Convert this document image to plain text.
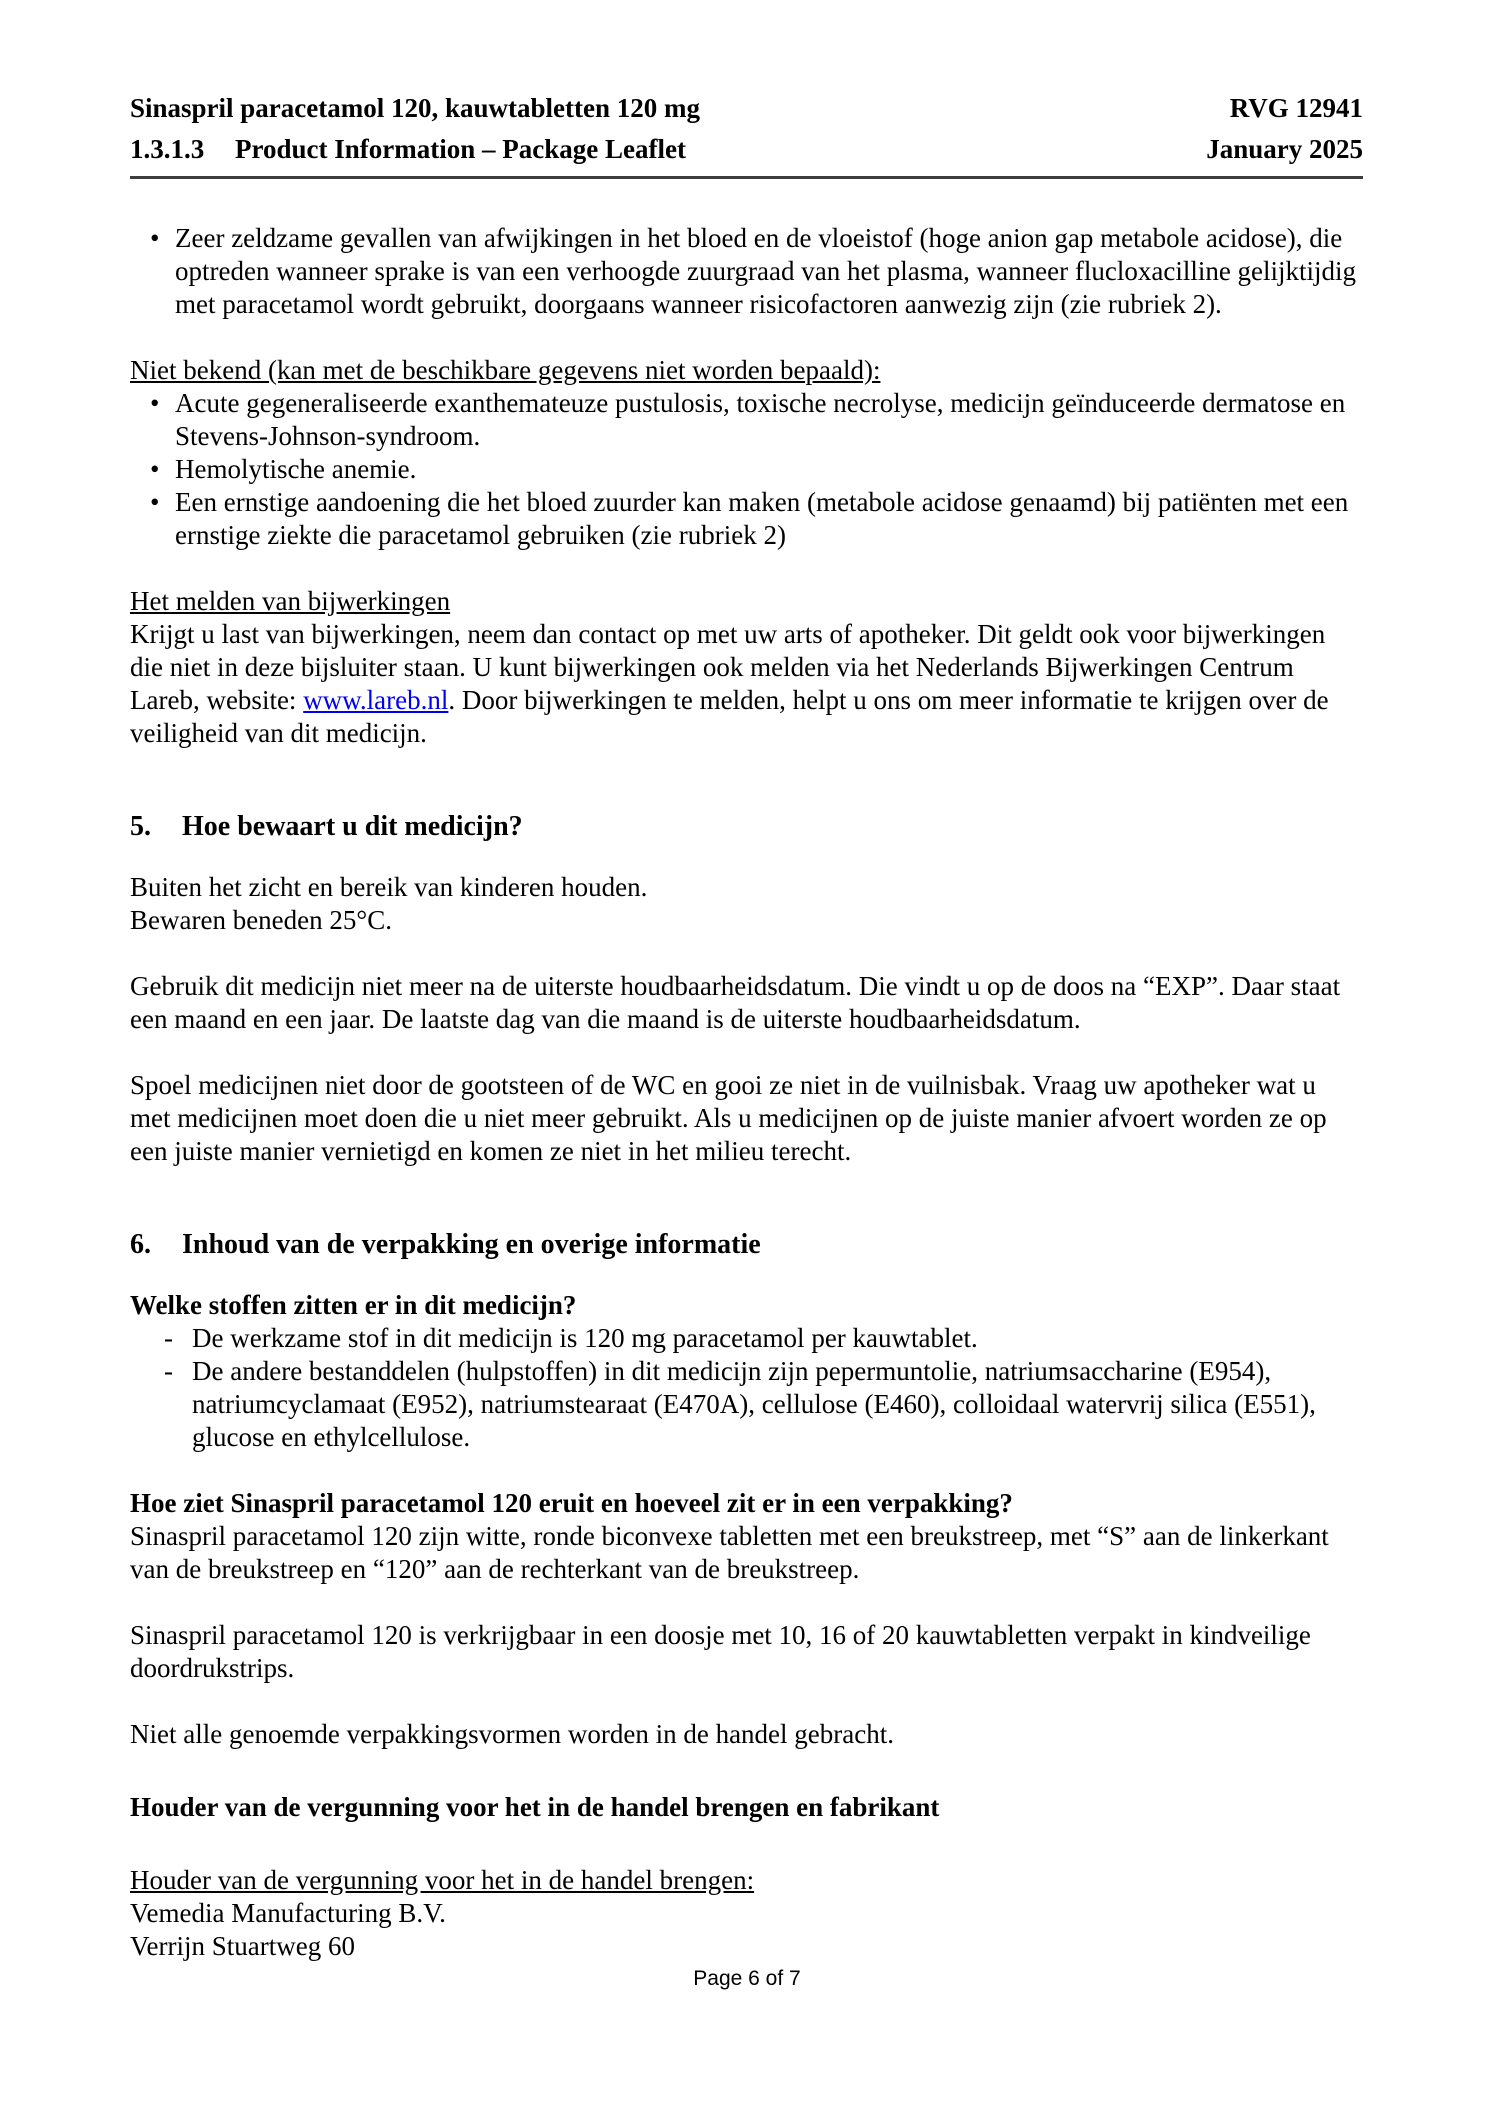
Sinaspril paracetamol 120, kauwtabletten 120 mg	RVG 12941
1.3.1.3	Product Information – Package Leaflet	January 2025
• Zeer zeldzame gevallen van afwijkingen in het bloed en de vloeistof (hoge anion gap metabole acidose), die optreden wanneer sprake is van een verhoogde zuurgraad van het plasma, wanneer flucloxacilline gelijktijdig met paracetamol wordt gebruikt, doorgaans wanneer risicofactoren aanwezig zijn (zie rubriek 2).
Niet bekend (kan met de beschikbare gegevens niet worden bepaald):
• Acute gegeneraliseerde exanthemateuze pustulosis, toxische necrolyse, medicijn geïnduceerde dermatose en Stevens-Johnson-syndroom.
• Hemolytische anemie.
• Een ernstige aandoening die het bloed zuurder kan maken (metabole acidose genaamd) bij patiënten met een ernstige ziekte die paracetamol gebruiken (zie rubriek 2)
Het melden van bijwerkingen
Krijgt u last van bijwerkingen, neem dan contact op met uw arts of apotheker. Dit geldt ook voor bijwerkingen die niet in deze bijsluiter staan. U kunt bijwerkingen ook melden via het Nederlands Bijwerkingen Centrum Lareb, website: www.lareb.nl. Door bijwerkingen te melden, helpt u ons om meer informatie te krijgen over de veiligheid van dit medicijn.
5.	Hoe bewaart u dit medicijn?
Buiten het zicht en bereik van kinderen houden.
Bewaren beneden 25°C.
Gebruik dit medicijn niet meer na de uiterste houdbaarheidsdatum. Die vindt u op de doos na “EXP”. Daar staat een maand en een jaar. De laatste dag van die maand is de uiterste houdbaarheidsdatum.
Spoel medicijnen niet door de gootsteen of de WC en gooi ze niet in de vuilnisbak. Vraag uw apotheker wat u met medicijnen moet doen die u niet meer gebruikt. Als u medicijnen op de juiste manier afvoert worden ze op een juiste manier vernietigd en komen ze niet in het milieu terecht.
6.	Inhoud van de verpakking en overige informatie
Welke stoffen zitten er in dit medicijn?
- De werkzame stof in dit medicijn is 120 mg paracetamol per kauwtablet.
- De andere bestanddelen (hulpstoffen) in dit medicijn zijn pepermuntolie, natriumsaccharine (E954), natriumcyclamaat (E952), natriumstearaat (E470A), cellulose (E460), colloidaal watervrij silica (E551), glucose en ethylcellulose.
Hoe ziet Sinaspril paracetamol 120 eruit en hoeveel zit er in een verpakking?
Sinaspril paracetamol 120 zijn witte, ronde biconvexe tabletten met een breukstreep, met “S” aan de linkerkant van de breukstreep en “120” aan de rechterkant van de breukstreep.
Sinaspril paracetamol 120 is verkrijgbaar in een doosje met 10, 16 of 20 kauwtabletten verpakt in kindveilige doordrukstrips.
Niet alle genoemde verpakkingsvormen worden in de handel gebracht.
Houder van de vergunning voor het in de handel brengen en fabrikant
Houder van de vergunning voor het in de handel brengen:
Vemedia Manufacturing B.V.
Verrijn Stuartweg 60
Page 6 of 7
